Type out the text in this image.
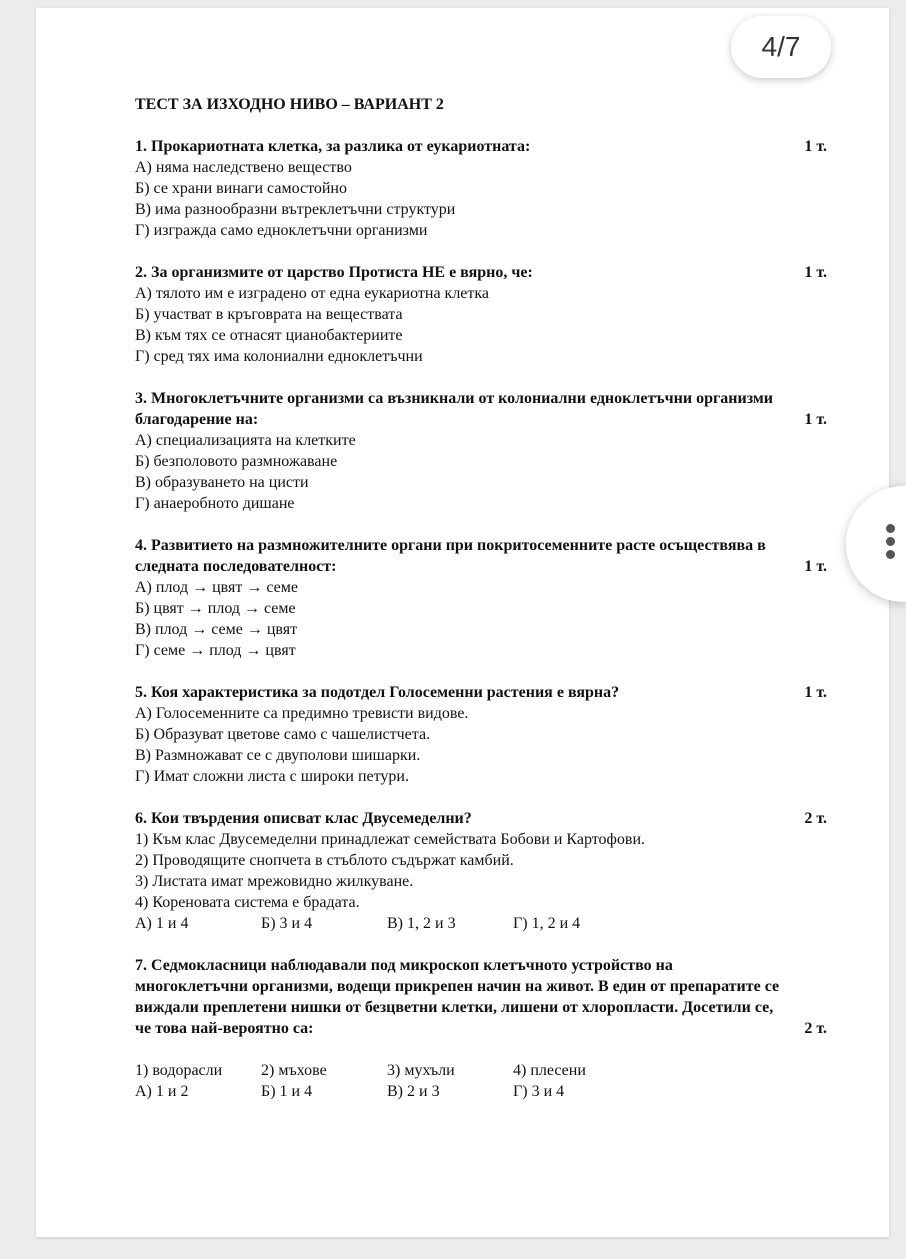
ТЕСТ ЗА ИЗХОДНО НИВО – ВАРИАНТ 2
1. Прокариотната клетка, за разлика от еукариотната:	1 т.
А) няма наследствено вещество
Б) се храни винаги самостойно
В) има разнообразни вътреклетъчни структури
Г) изгражда само едноклетъчни организми
2. За организмите от царство Протиста НЕ е вярно, че:	1 т.
А) тялото им е изградено от една еукариотна клетка
Б) участват в кръговрата на веществата
В) към тях се отнасят цианобактериите
Г) сред тях има колониални едноклетъчни
3. Многоклетъчните организми са възникнали от колониални едноклетъчни организми благодарение на:	1 т.
А) специализацията на клетките
Б) безполовото размножаване
В) образуването на цисти
Г) анаеробното дишане
4. Развитието на размножителните органи при покритосеменните расте осъществява в следната последователност:	1 т.
А) плод → цвят → семе
Б) цвят → плод → семе
В) плод → семе → цвят
Г) семе → плод → цвят
5. Коя характеристика за подотдел Голосеменни растения е вярна?	1 т.
А) Голосеменните са предимно тревисти видове.
Б) Образуват цветове само с чашелистчета.
В) Размножават се с двуполови шишарки.
Г) Имат сложни листа с широки петури.
6. Кои твърдения описват клас Двусемеделни?	2 т.
1) Към клас Двусемеделни принадлежат семействата Бобови и Картофови.
2) Проводящите снопчета в стъблото съдържат камбий.
3) Листата имат мрежовидно жилкуване.
4) Кореновата система е брадата.
А) 1 и 4	Б) 3 и 4	В) 1, 2 и 3	Г) 1, 2 и 4
7. Седмокласници наблюдавали под микроскоп клетъчното устройство на многоклетъчни организми, водещи прикрепен начин на живот. В един от препаратите се виждали преплетени нишки от безцветни клетки, лишени от хлоропласти. Досетили се, че това най-вероятно са:	2 т.
1) водорасли	2) мъхове	3) мухъли	4) плесени
А) 1 и 2	Б) 1 и 4	В) 2 и 3	Г) 3 и 4
4/7
